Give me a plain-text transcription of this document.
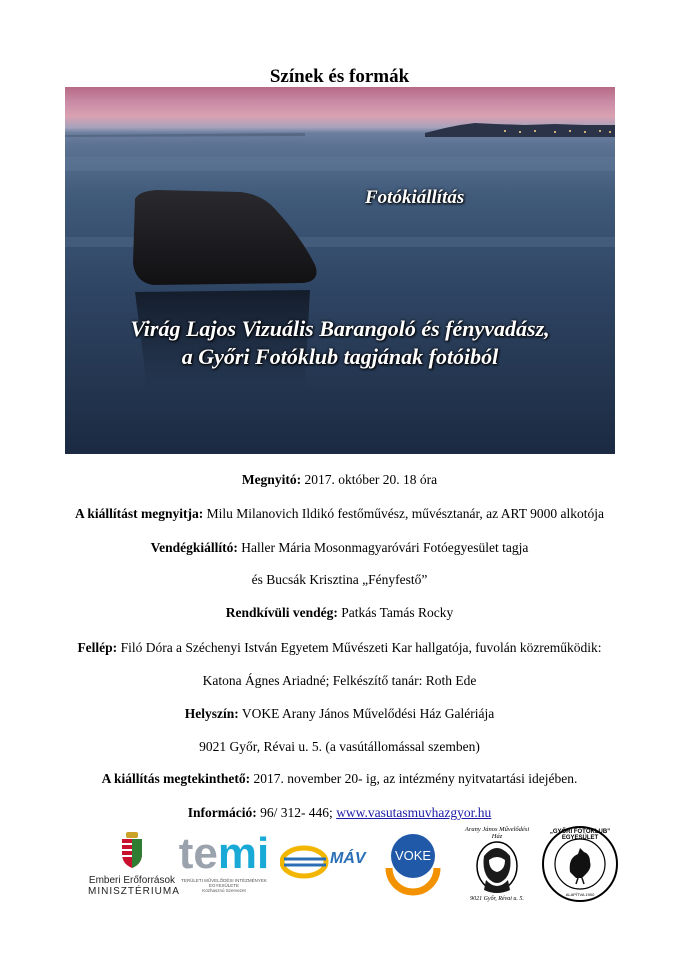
Színek és formák
Fotókiállítás
Virág Lajos Vizuális Barangoló és fényvadász,
a Győri Fotóklub tagjának fotóiból
Megnyitó: 2017. október 20. 18 óra
A kiállítást megnyitja: Milu Milanovich Ildikó festőművész, művésztanár, az ART 9000 alkotója
Vendégkiállító: Haller Mária Mosonmagyaróvári Fotóegyesület tagja
és Bucsák Krisztina „Fényfestő”
Rendkívüli vendég: Patkás Tamás Rocky
Fellép: Filó Dóra a Széchenyi István Egyetem Művészeti Kar hallgatója, fuvolán közreműködik:
Katona Ágnes Ariadné; Felkészítő tanár: Roth Ede
Helyszín: VOKE Arany János Művelődési Ház Galériája
9021 Győr, Révai u. 5. (a vasútállomással szemben)
A kiállítás megtekinthető: 2017. november 20- ig, az intézmény nyitvatartási idejében.
Információ: 96/ 312- 446; www.vasutasmuvhazgyor.hu
Emberi Erőforrások
MINISZTÉRIUMA
temi
TERÜLETI MŰVELŐDÉSI INTÉZMÉNYEK EGYESÜLETE
Közhasznú Szervezet
MÁV	VOKE
Arany János Művelődési Ház
9021 Győr, Révai u. 5.
„GYŐRI FOTÓKLUB” EGYESÜLET
ALAPÍTVA 1900
